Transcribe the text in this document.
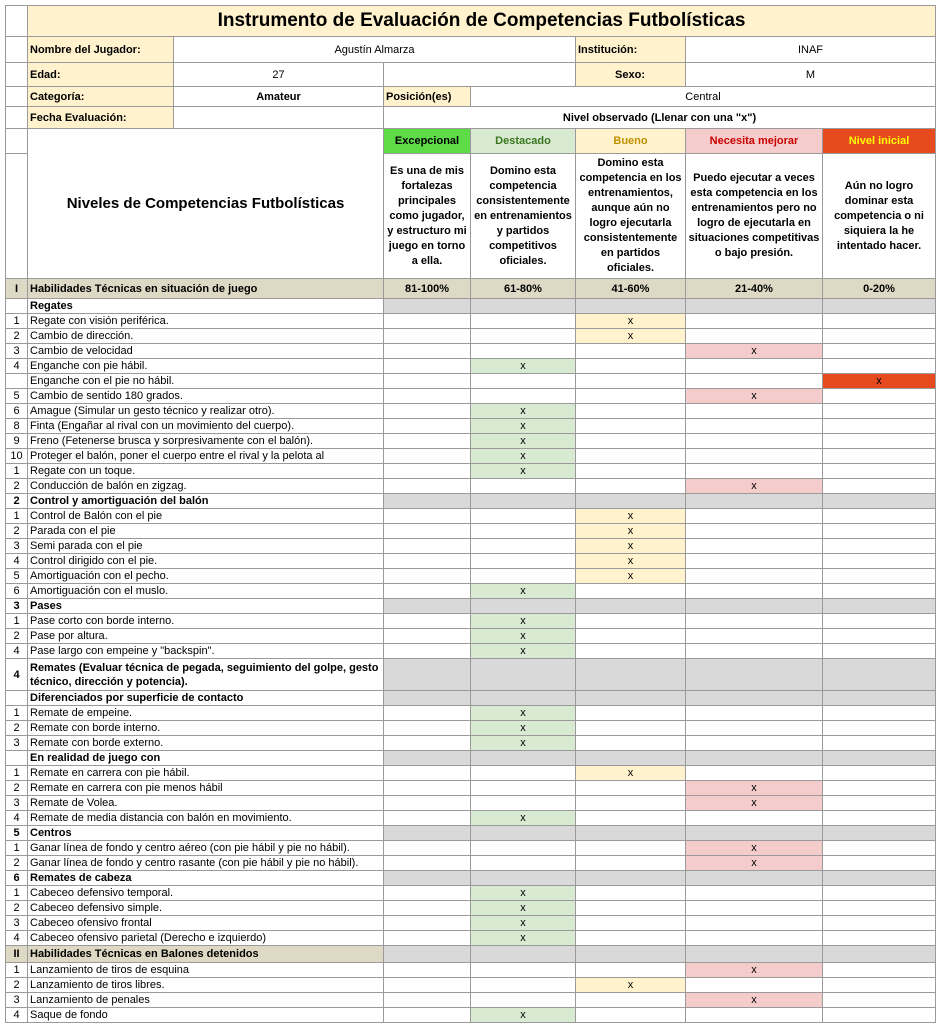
	Instrumento de Evaluación de Competencias Futbolísticas						
	Nombre del Jugador:	Agustín Almarza			Institución:	INAF	
	Edad:	27			Sexo:	M	
	Categoría:	Amateur	Posición(es)	Central			
	Fecha Evaluación:		Nivel observado (Llenar con una "x")				
	Niveles de Competencias Futbolísticas		Excepcional	Destacado	Bueno	Necesita mejorar	Nivel inicial
			Es una de mis fortalezas principales como jugador, y estructuro mi juego en torno a ella.	Domino esta competencia consistentemente en entrenamientos y partidos competitivos oficiales.	Domino esta competencia en los entrenamientos, aunque aún no logro ejecutarla consistentemente en partidos oficiales.	Puedo ejecutar a veces esta competencia en los entrenamientos pero no logro de ejecutarla en situaciones competitivas o bajo presión.	Aún no logro dominar esta competencia o ni siquiera la he intentado hacer.
I	Habilidades Técnicas en situación de juego		81-100%	61-80%	41-60%	21-40%	0-20%
	Regates						
1	Regate con visión periférica.				x		
2	Cambio de dirección.				x		
3	Cambio de velocidad					x	
4	Enganche con pie hábil.			x			
	Enganche con el pie no hábil.						x
5	Cambio de sentido 180 grados.					x	
6	Amague (Simular un gesto técnico y realizar otro).			x			
8	Finta (Engañar al rival con un movimiento del cuerpo).			x			
9	Freno (Fetenerse brusca y sorpresivamente con el balón).			x			
10	Proteger el balón, poner el cuerpo entre el rival y la pelota al			x			
1	Regate con un toque.			x			
2	Conducción de balón en zigzag.					x	
2	Control y amortiguación del balón						
1	Control de Balón con el pie				x		
2	Parada con el pie				x		
3	Semi parada con el pie				x		
4	Control dirigido con el pie.				x		
5	Amortiguación con el pecho.				x		
6	Amortiguación con el muslo.			x			
3	Pases						
1	Pase corto con borde interno.			x			
2	Pase por altura.			x			
4	Pase largo con empeine y "backspin".			x			
4	Remates (Evaluar técnica de pegada, seguimiento del golpe, gesto técnico, dirección y potencia).						
	Diferenciados por superficie de contacto						
1	Remate de empeine.			x			
2	Remate con borde interno.			x			
3	Remate con borde externo.			x			
	En realidad de juego con						
1	Remate en carrera con pie hábil.				x		
2	Remate en carrera con pie menos hábil					x	
3	Remate de Volea.					x	
4	Remate de media distancia con balón en movimiento.			x			
5	Centros						
1	Ganar línea de fondo y centro aéreo (con pie hábil y pie no hábil).					x	
2	Ganar línea de fondo y centro rasante (con pie hábil y pie no hábil).					x	
6	Remates de cabeza						
1	Cabeceo defensivo temporal.			x			
2	Cabeceo defensivo simple.			x			
3	Cabeceo ofensivo frontal			x			
4	Cabeceo ofensivo parietal (Derecho e izquierdo)			x			
II	Habilidades Técnicas en Balones detenidos						
1	Lanzamiento de tiros de esquina					x	
2	Lanzamiento de tiros libres.				x		
3	Lanzamiento de penales					x	
4	Saque de fondo			x			
